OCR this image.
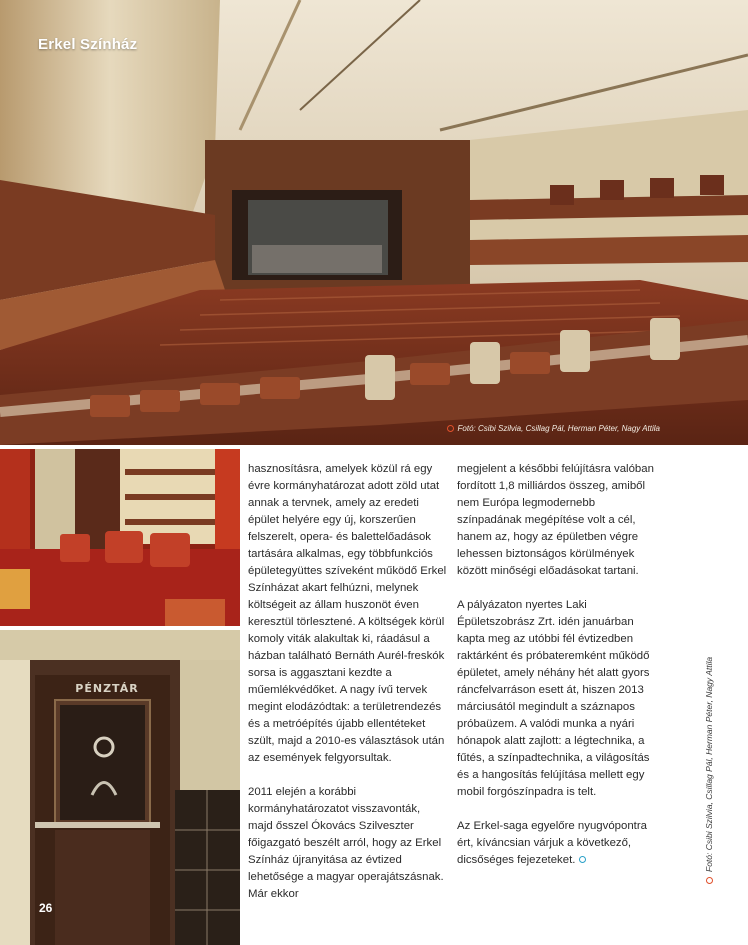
Erkel Színház
Fotó: Csibi Szilvia, Csillag Pál, Herman Péter, Nagy Attila
PÉNZTÁR
26

hasznosításra, amelyek közül rá egy évre kormányhatározat adott zöld utat annak a tervnek, amely az eredeti épület helyére egy új, korszerűen felszerelt, opera- és balettelőadások tartására alkalmas, egy többfunkciós épületegyüttes szíveként működő Erkel Színházat akart felhúzni, melynek költségeit az állam huszonöt éven keresztül törlesztené. A költségek körül komoly viták alakultak ki, ráadásul a házban található Bernáth Aurél-freskók sorsa is aggasztani kezdte a műemlékvédőket. A nagy ívű tervek megint elodázódtak: a területrendezés és a metróépítés újabb ellentéteket szült, majd a 2010-es választások után az események felgyorsultak.

2011 elején a korábbi kormányhatározatot visszavonták, majd ősszel Ókovács Szilveszter főigazgató beszélt arról, hogy az Erkel Színház újranyitása az évtized lehetősége a magyar operajátszásnak. Már ekkor

megjelent a későbbi felújításra valóban fordított 1,8 milliárdos összeg, amiből nem Európa legmodernebb színpadának megépítése volt a cél, hanem az, hogy az épületben végre lehessen biztonságos körülmények között minőségi előadásokat tartani.

A pályázaton nyertes Laki Épületszobrász Zrt. idén januárban kapta meg az utóbbi fél évtizedben raktárként és próbateremként működő épületet, amely néhány hét alatt gyors ráncfelvarráson esett át, hiszen 2013 márciusától megindult a száznapos próbaüzem. A valódi munka a nyári hónapok alatt zajlott: a légtechnika, a fűtés, a színpadtechnika, a világosítás és a hangosítás felújítása mellett egy mobil forgószínpadra is telt.

Az Erkel-saga egyelőre nyugvópontra ért, kíváncsian várjuk a következő, dicsőséges fejezeteket.	Fotó: Csibi Szilvia, Csillag Pál, Herman Péter, Nagy Attila
